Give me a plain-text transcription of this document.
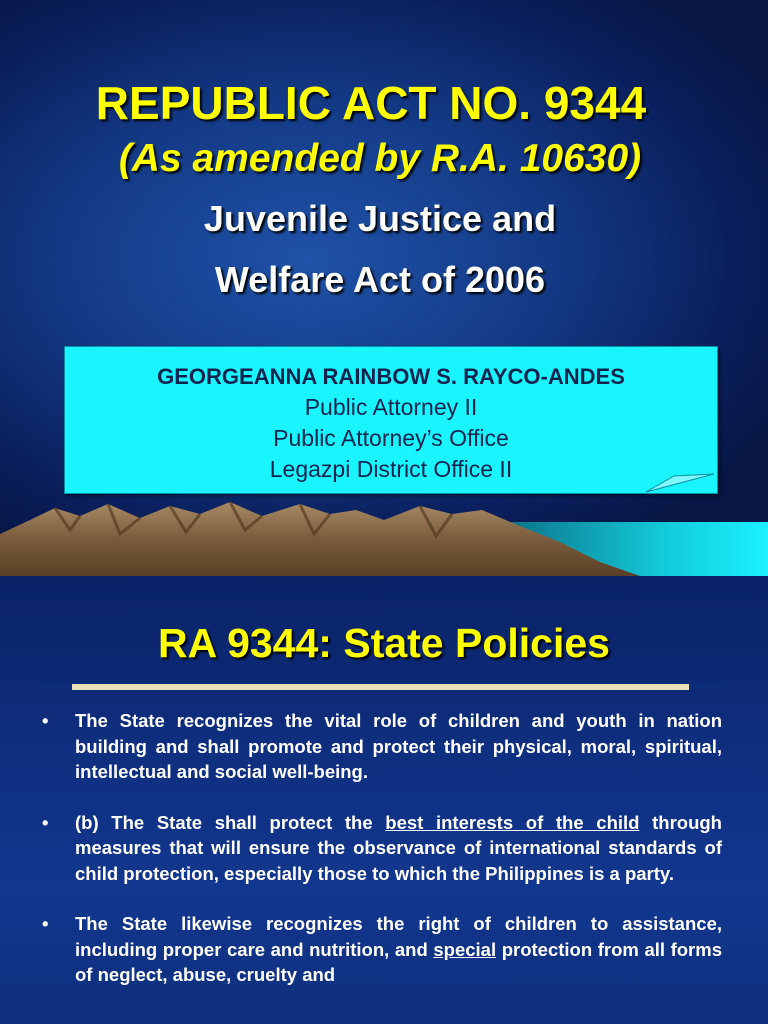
REPUBLIC ACT NO. 9344
(As amended by R.A. 10630)
Juvenile Justice and
Welfare Act of 2006
GEORGEANNA RAINBOW S. RAYCO-ANDES
Public Attorney II
Public Attorney’s Office
Legazpi District Office II
RA 9344: State Policies
• The State recognizes the vital role of children and youth in nation building and shall promote and protect their physical, moral, spiritual, intellectual and social well-being.
• (b) The State shall protect the best interests of the child through measures that will ensure the observance of international standards of child protection, especially those to which the Philippines is a party.
• The State likewise recognizes the right of children to assistance, including proper care and nutrition, and special protection from all forms of neglect, abuse, cruelty and
